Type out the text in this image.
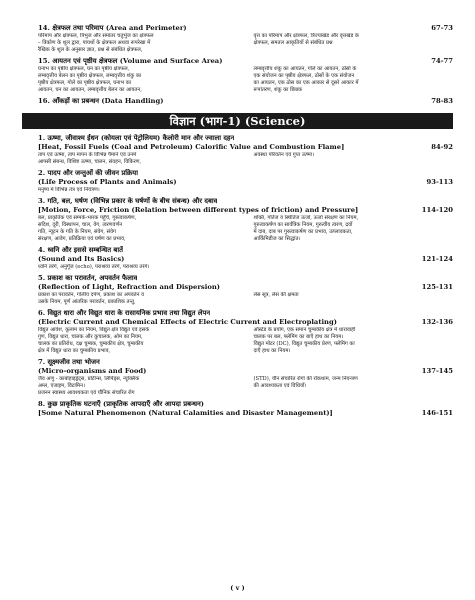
14. क्षेत्रफल तथा परिमाप (Area and Perimeter)	67-73
परिमाप और क्षेत्रफल, त्रिभुज और समांतर चतुर्भुज का क्षेत्रफल
– त्रिकोण के शूल द्वारा, पायथों के क्षेत्रफल अथवा रूपरेखा में
रैखिक के शूल के अनुसार ज्ञात, प्रश्न से संबंधित क्षेत्रफल,
वृत्त का परिमाप और क्षेत्रफल, त्रिज्याखंड और वृत्तखंड के
क्षेत्रफल, समतल आकृतियों से संबंधित प्रश्न
15. आयतन एवं पृष्ठीय क्षेत्रफल (Volume and Surface Area)	74-77
घनाभ का पृष्ठीय क्षेत्रफल, घन का पृष्ठीय क्षेत्रफल,
लम्बवृत्तीय बेलन का पृष्ठीय क्षेत्रफल, लम्बवृत्तीय शंकु का
पृष्ठीय क्षेत्रफल, गोले का पृष्ठीय क्षेत्रफल, घनाभ का
आयतन, घन का आयतन, लम्बवृत्तीय बेलन का आयतन,
लम्बवृत्तीय शंकु का आयतन, गोले का आयतन, ठोसों के
एक संयोजन का पृष्ठीय क्षेत्रफल, ठोसों के एक संयोजन
का आयतन, एक ठोस का एक आकार से दूसरे आकार में
रूपांतरण, शंकु का छिन्नक
16. आँकड़ों का प्रबन्धन (Data Handling)	78-83
विज्ञान (भाग-1) (Science)
1. ऊष्मा, जीवाश्म ईंधन (कोयला एवं पेट्रोलियम) कैलोरी मान और ज्वाला दहन
[Heat, Fossil Fuels (Coal and Petroleum) Calorific Value and Combustion Flame]	84-92
ताप एवं ऊष्मा, ताप मापन के विभिन्न पैमाने एवं उनमें
आपसी संबन्ध, विशिष्ट ऊष्मा, चालन, संवहन, विकिरण,
अवस्था परिवर्तन एवं गुप्त ऊष्मा।
2. पादप और जन्तुओं की जीवन प्रक्रिया
(Life Process of Plants and Animals)	93-113
मनुष्य में विभिन्न तंत्र एवं नियंत्रण।
3. गति, बल, घर्षण (विभिन्न प्रकार के घर्षणों के बीच संबन्ध) और दबाव
[Motion, Force, Friction (Relation between different types of friction) and Pressure]	114-120
बल, प्राकृतिक एवं सम्पर्क-भारक पहुँचे, गुरुत्वाकर्षण,
सदिश, दूरी, विस्थापन, चाल, वेग, त्वरणवर्णन
गति, न्यूटन के गति के नियम, संवेग, संवेग
संरक्षण, आवेग, प्रतिक्रिया एवं घर्षण का प्रभाव,
शक्ति, गतिज व स्थितिज ऊर्जा, ऊर्जा संरक्षण का नियम,
गुरुत्वाकर्षण का सार्वत्रिक नियम, गुरुत्वीय त्वरण, द्रवों
में दाब, दाब पर गुरुत्वाकर्षण का प्रभाव, उत्प्लावकता,
आर्किमिडीज का सिद्धांत।
4. ध्वनि और इससे सम्बन्धित बातें
(Sound and Its Basics)	121-124
ध्वनि तरंगें, अनुगूँज (echo), पराश्रव्य तरंगें, पराश्रव्य तरंगें।
5. प्रकाश का परावर्तन, अपवर्तन फैलाव
(Reflection of Light, Refraction and Dispersion)	125-131
प्रकाश का परावर्तन, गोलीय दर्पण, प्रकाश का अपवर्तन व
उसके नियम, पूर्ण आंतरिक परावर्तन, प्रकाशिक तन्तु,
लेंस सूत्र, लेंस की क्षमता
6. विद्युत धारा और विद्युत धारा के रासायनिक प्रभाव तथा विद्युत लेपन
(Electric Current and Chemical Effects of Electric Current and Electroplating)	132-136
विद्युत आवेश, कूलाम का नियम, विद्युत क्षेत्र विद्युत एवं इसके
गुण, विद्युत धारा, चालक और कुचालक, ओम का नियम,
चालक का प्रतिरोध, दक्ष चुम्बक, चुम्बकीय क्षेत्र, चुम्बकीय
क्षेत्र में विद्युत धारा का चुम्बकीय प्रभाव,
ऑर्स्टेड के प्रयोग, एक समान चुम्बकीय क्षेत्र में धारावाही
चालक पर बल, फ्लेमिंग का बाएँ हाथ का नियम।
विद्युत मोटर (DC), विद्युत चुम्बकीय प्रेरण, फ्लेमिंग का
दाएँ हाथ का नियम।
7. सूक्ष्मजीव तथा भोजन
(Micro-organisms and Food)	137-145
जैव अणु - कार्बोहाइड्रेट्स, प्रोटीन्स, लिपिड्स, न्यूक्लिक
अम्ल, एंजाइम, विटामिन।
प्रजनन स्वास्थ्य आवश्यकता एवं यौनिक संचारित रोग
(STD), यौन संचारित रोगों की रोकथाम, जन्म नियन्त्रण
की आवश्यकता एवं विधियाँ।
8. कुछ प्राकृतिक घटनाएँ (प्राकृतिक आपदाएँ और आपदा प्रबन्धन)
[Some Natural Phenomenon (Natural Calamities and Disaster Management)]	146-151
( v )
